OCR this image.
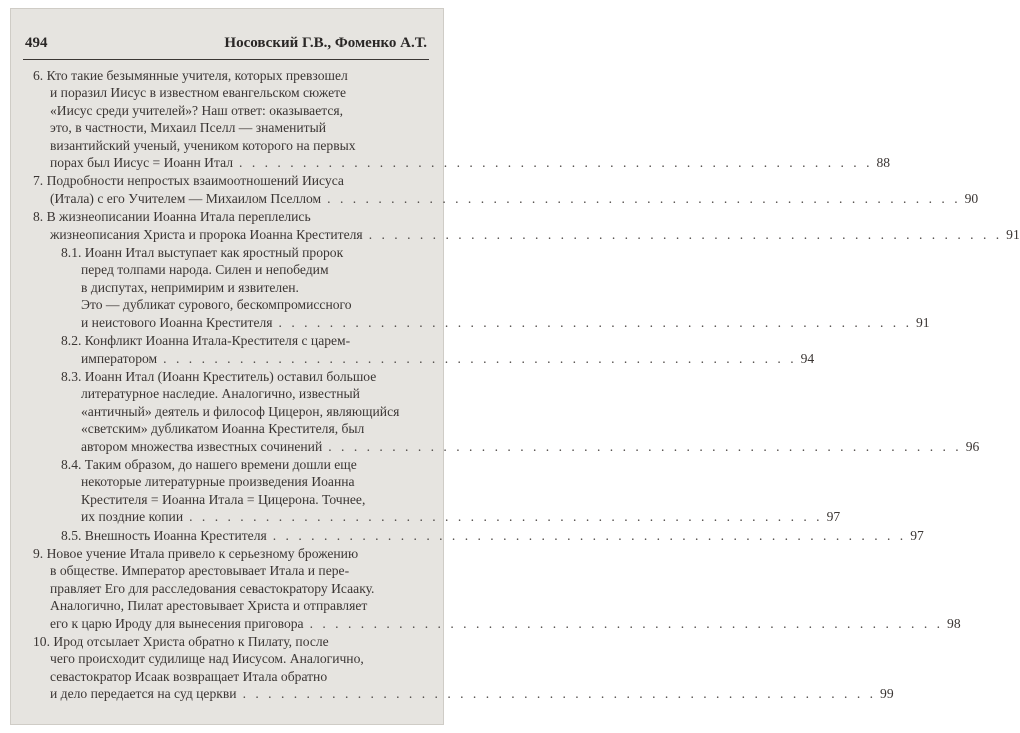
494	Носовский Г.В., Фоменко А.Т.
6. Кто такие безымянные учителя, которых превзошел
и поразил Иисус в известном евангельском сюжете
«Иисус среди учителей»? Наш ответ: оказывается,
это, в частности, Михаил Пселл — знаменитый
византийский ученый, учеником которого на первых
порах был Иисус = Иоанн Итал . . .	88
7. Подробности непростых взаимоотношений Иисуса
(Итала) с его Учителем — Михаилом Пселлом . . .	90
8. В жизнеописании Иоанна Итала переплелись
жизнеописания Христа и пророка Иоанна Крестителя . . .	91
8.1. Иоанн Итал выступает как яростный пророк
перед толпами народа. Силен и непобедим
в диспутах, непримирим и язвителен.
Это — дубликат сурового, бескомпромиссного
и неистового Иоанна Крестителя . . .	91
8.2. Конфликт Иоанна Итала-Крестителя с царем-
императором . . .	94
8.3. Иоанн Итал (Иоанн Креститель) оставил большое
литературное наследие. Аналогично, известный
«античный» деятель и философ Цицерон, являющийся
«светским» дубликатом Иоанна Крестителя, был
автором множества известных сочинений . . .	96
8.4. Таким образом, до нашего времени дошли еще
некоторые литературные произведения Иоанна
Крестителя = Иоанна Итала = Цицерона. Точнее,
их поздние копии . . .	97
8.5. Внешность Иоанна Крестителя . . .	97
9. Новое учение Итала привело к серьезному брожению
в обществе. Император арестовывает Итала и пере-
правляет Его для расследования севастократору Исааку.
Аналогично, Пилат арестовывает Христа и отправляет
его к царю Ироду для вынесения приговора . . .	98
10. Ирод отсылает Христа обратно к Пилату, после
чего происходит судилище над Иисусом. Аналогично,
севастократор Исаак возвращает Итала обратно
и дело передается на суд церкви . . .	99
